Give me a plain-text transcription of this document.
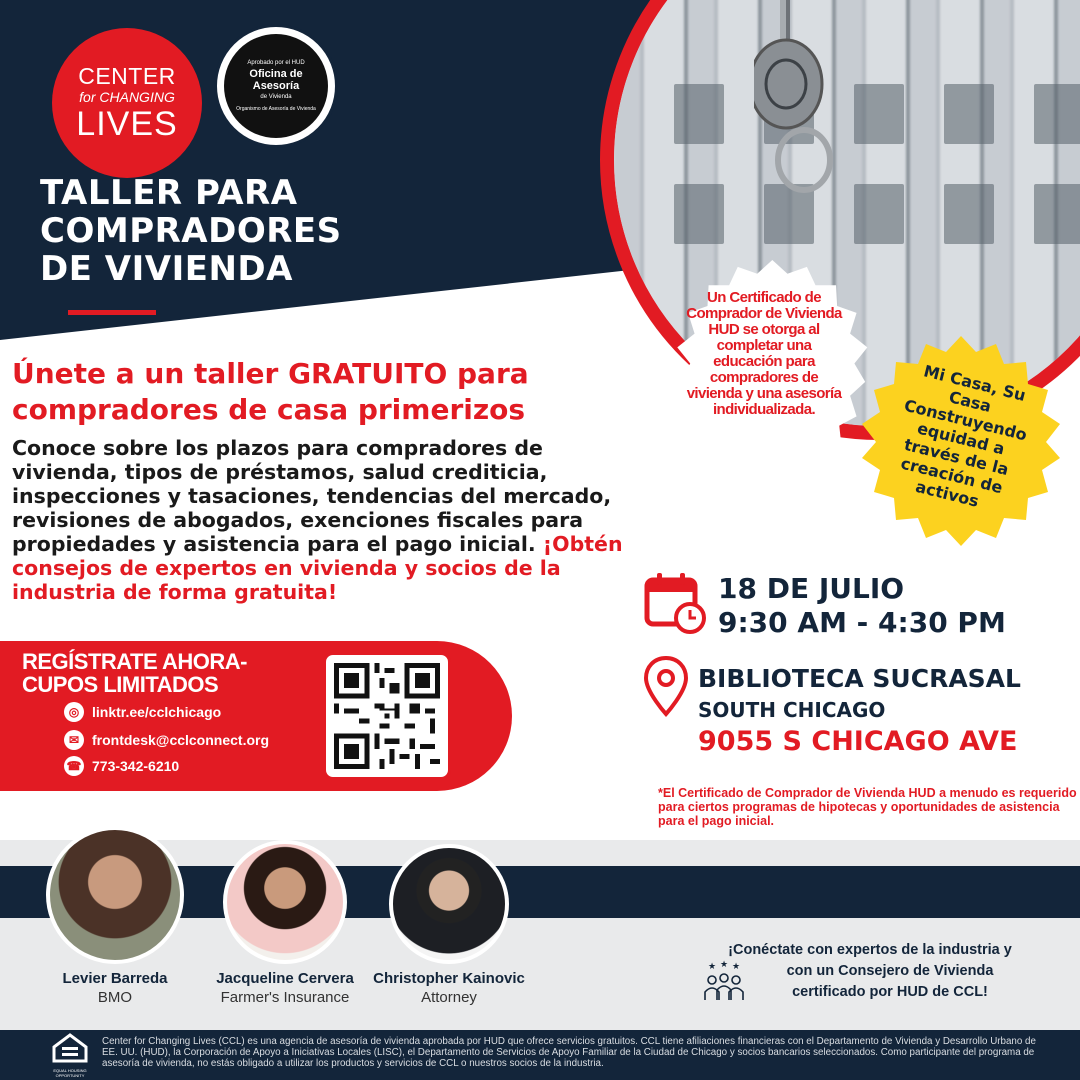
CENTER
for CHANGING
LIVES
Aprobado por el HUD
Oficina de
Asesoría
de Vivienda
Organismo de Asesoría de Vivienda
TALLER PARA
COMPRADORES
DE VIVIENDA
Un Certificado de Comprador de Vivienda HUD se otorga al completar una educación para compradores de vivienda y una asesoría individualizada.
Mi Casa, Su Casa Construyendo equidad a través de la creación de activos
Únete a un taller GRATUITO para compradores de casa primerizos
Conoce sobre los plazos para compradores de vivienda, tipos de préstamos, salud crediticia, inspecciones y tasaciones, tendencias del mercado, revisiones de abogados, exenciones fiscales para propiedades y asistencia para el pago inicial. ¡Obtén consejos de expertos en vivienda y socios de la industria de forma gratuita!
REGÍSTRATE AHORA-
CUPOS LIMITADOS
◎ linktr.ee/cclchicago
✉ frontdesk@cclconnect.org
☎ 773-342-6210
18 DE JULIO
9:30 AM - 4:30 PM
BIBLIOTECA SUCRASAL
SOUTH CHICAGO
9055 S CHICAGO AVE
*El Certificado de Comprador de Vivienda HUD a menudo es requerido para ciertos programas de hipotecas y oportunidades de asistencia para el pago inicial.
Levier Barreda
BMO
Jacqueline Cervera
Farmer's Insurance
Christopher Kainovic
Attorney
¡Conéctate con expertos de la industria y
con un Consejero de Vivienda
certificado por HUD de CCL!
★ ★ ★
EQUAL HOUSING OPPORTUNITY
Center for Changing Lives (CCL) es una agencia de asesoría de vivienda aprobada por HUD que ofrece servicios gratuitos. CCL tiene afiliaciones financieras con el Departamento de Vivienda y Desarrollo Urbano de EE. UU. (HUD), la Corporación de Apoyo a Iniciativas Locales (LISC), el Departamento de Servicios de Apoyo Familiar de la Ciudad de Chicago y socios bancarios seleccionados. Como participante del programa de asesoría de vivienda, no estás obligado a utilizar los productos y servicios de CCL o nuestros socios de la industria.
